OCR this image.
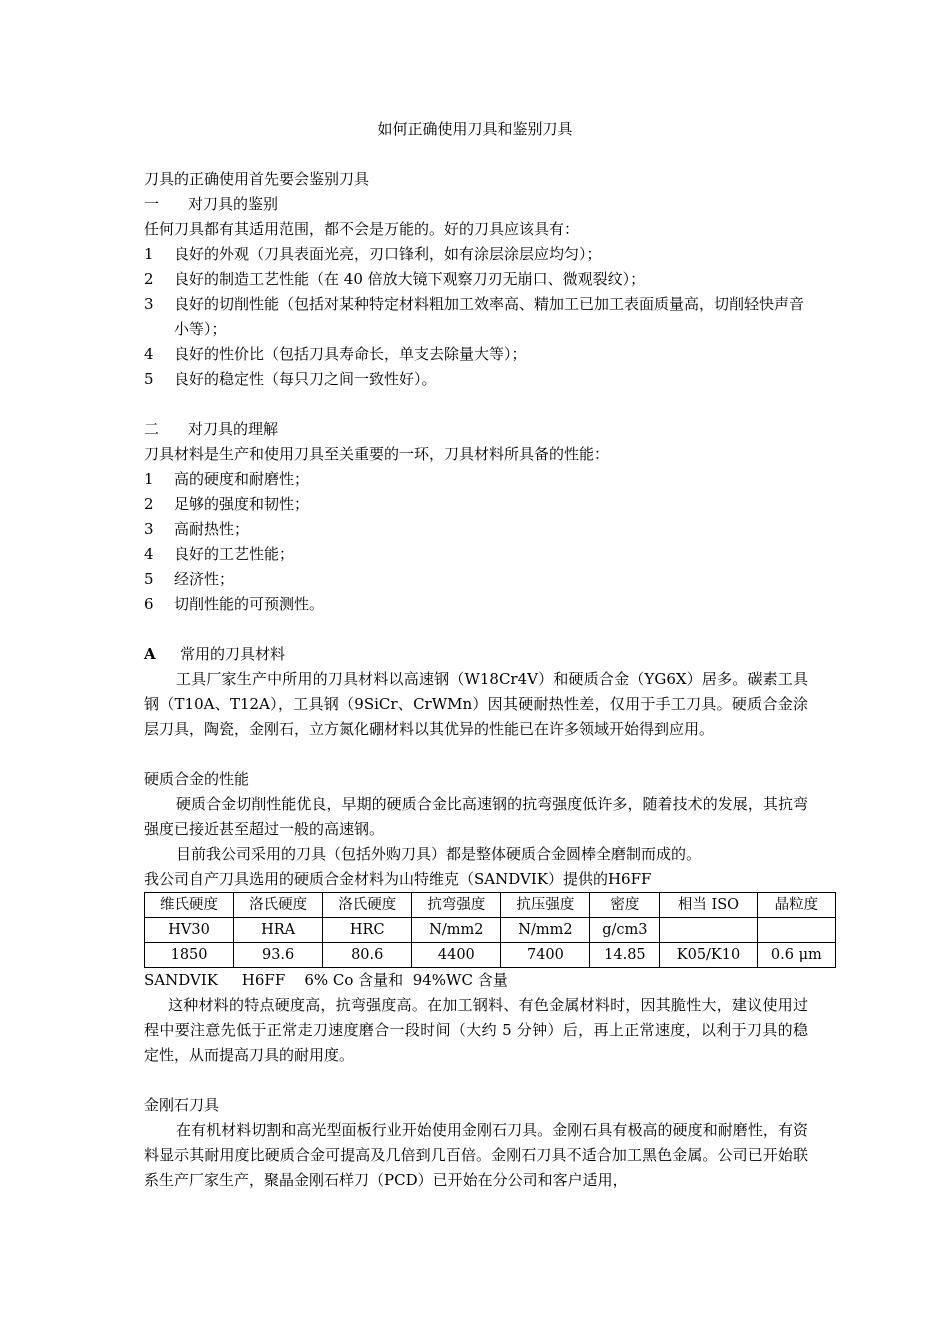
如何正确使用刀具和鉴别刀具

刀具的正确使用首先要会鉴别刀具

一 对刀具的鉴别

任何刀具都有其适用范围，都不会是万能的。好的刀具应该具有：

1	良好的外观（刀具表面光亮，刃口锋利，如有涂层涂层应均匀）；
2	良好的制造工艺性能（在 40 倍放大镜下观察刀刃无崩口、微观裂纹）；
3	良好的切削性能（包括对某种特定材料粗加工效率高、精加工已加工表面质量高，切削轻快声音小等）；
4	良好的性价比（包括刀具寿命长，单支去除量大等）；
5	良好的稳定性（每只刀之间一致性好）。

二 对刀具的理解

刀具材料是生产和使用刀具至关重要的一环，刀具材料所具备的性能：

1	高的硬度和耐磨性；
2	足够的强度和韧性；
3	高耐热性；
4	良好的工艺性能；
5	经济性；
6	切削性能的可预测性。

A 常用的刀具材料

工具厂家生产中所用的刀具材料以高速钢（W18Cr4V）和硬质合金（YG6X）居多。碳素工具钢（T10A、T12A），工具钢（9SiCr、CrWMn）因其硬耐热性差，仅用于手工刀具。硬质合金涂层刀具，陶瓷，金刚石，立方氮化硼材料以其优异的性能已在许多领域开始得到应用。

硬质合金的性能

硬质合金切削性能优良，早期的硬质合金比高速钢的抗弯强度低许多，随着技术的发展，其抗弯强度已接近甚至超过一般的高速钢。

目前我公司采用的刀具（包括外购刀具）都是整体硬质合金圆棒全磨制而成的。

我公司自产刀具选用的硬质合金材料为山特维克（SANDVIK）提供的H6FF

维氏硬度	洛氏硬度	洛氏硬度	抗弯强度	抗压强度	密度	相当 ISO	晶粒度
HV30	HRA	HRC	N/mm2	N/mm2	g/cm3		
1850	93.6	80.6	4400	7400	14.85	K05/K10	0.6 μm

SANDVIK     H6FF    6% Co 含量和  94%WC 含量

这种材料的特点硬度高，抗弯强度高。在加工钢料、有色金属材料时，因其脆性大，建议使用过程中要注意先低于正常走刀速度磨合一段时间（大约 5 分钟）后，再上正常速度，以利于刀具的稳定性，从而提高刀具的耐用度。

金刚石刀具

在有机材料切割和高光型面板行业开始使用金刚石刀具。金刚石具有极高的硬度和耐磨性，有资料显示其耐用度比硬质合金可提高及几倍到几百倍。金刚石刀具不适合加工黑色金属。公司已开始联系生产厂家生产，聚晶金刚石样刀（PCD）已开始在分公司和客户适用，
